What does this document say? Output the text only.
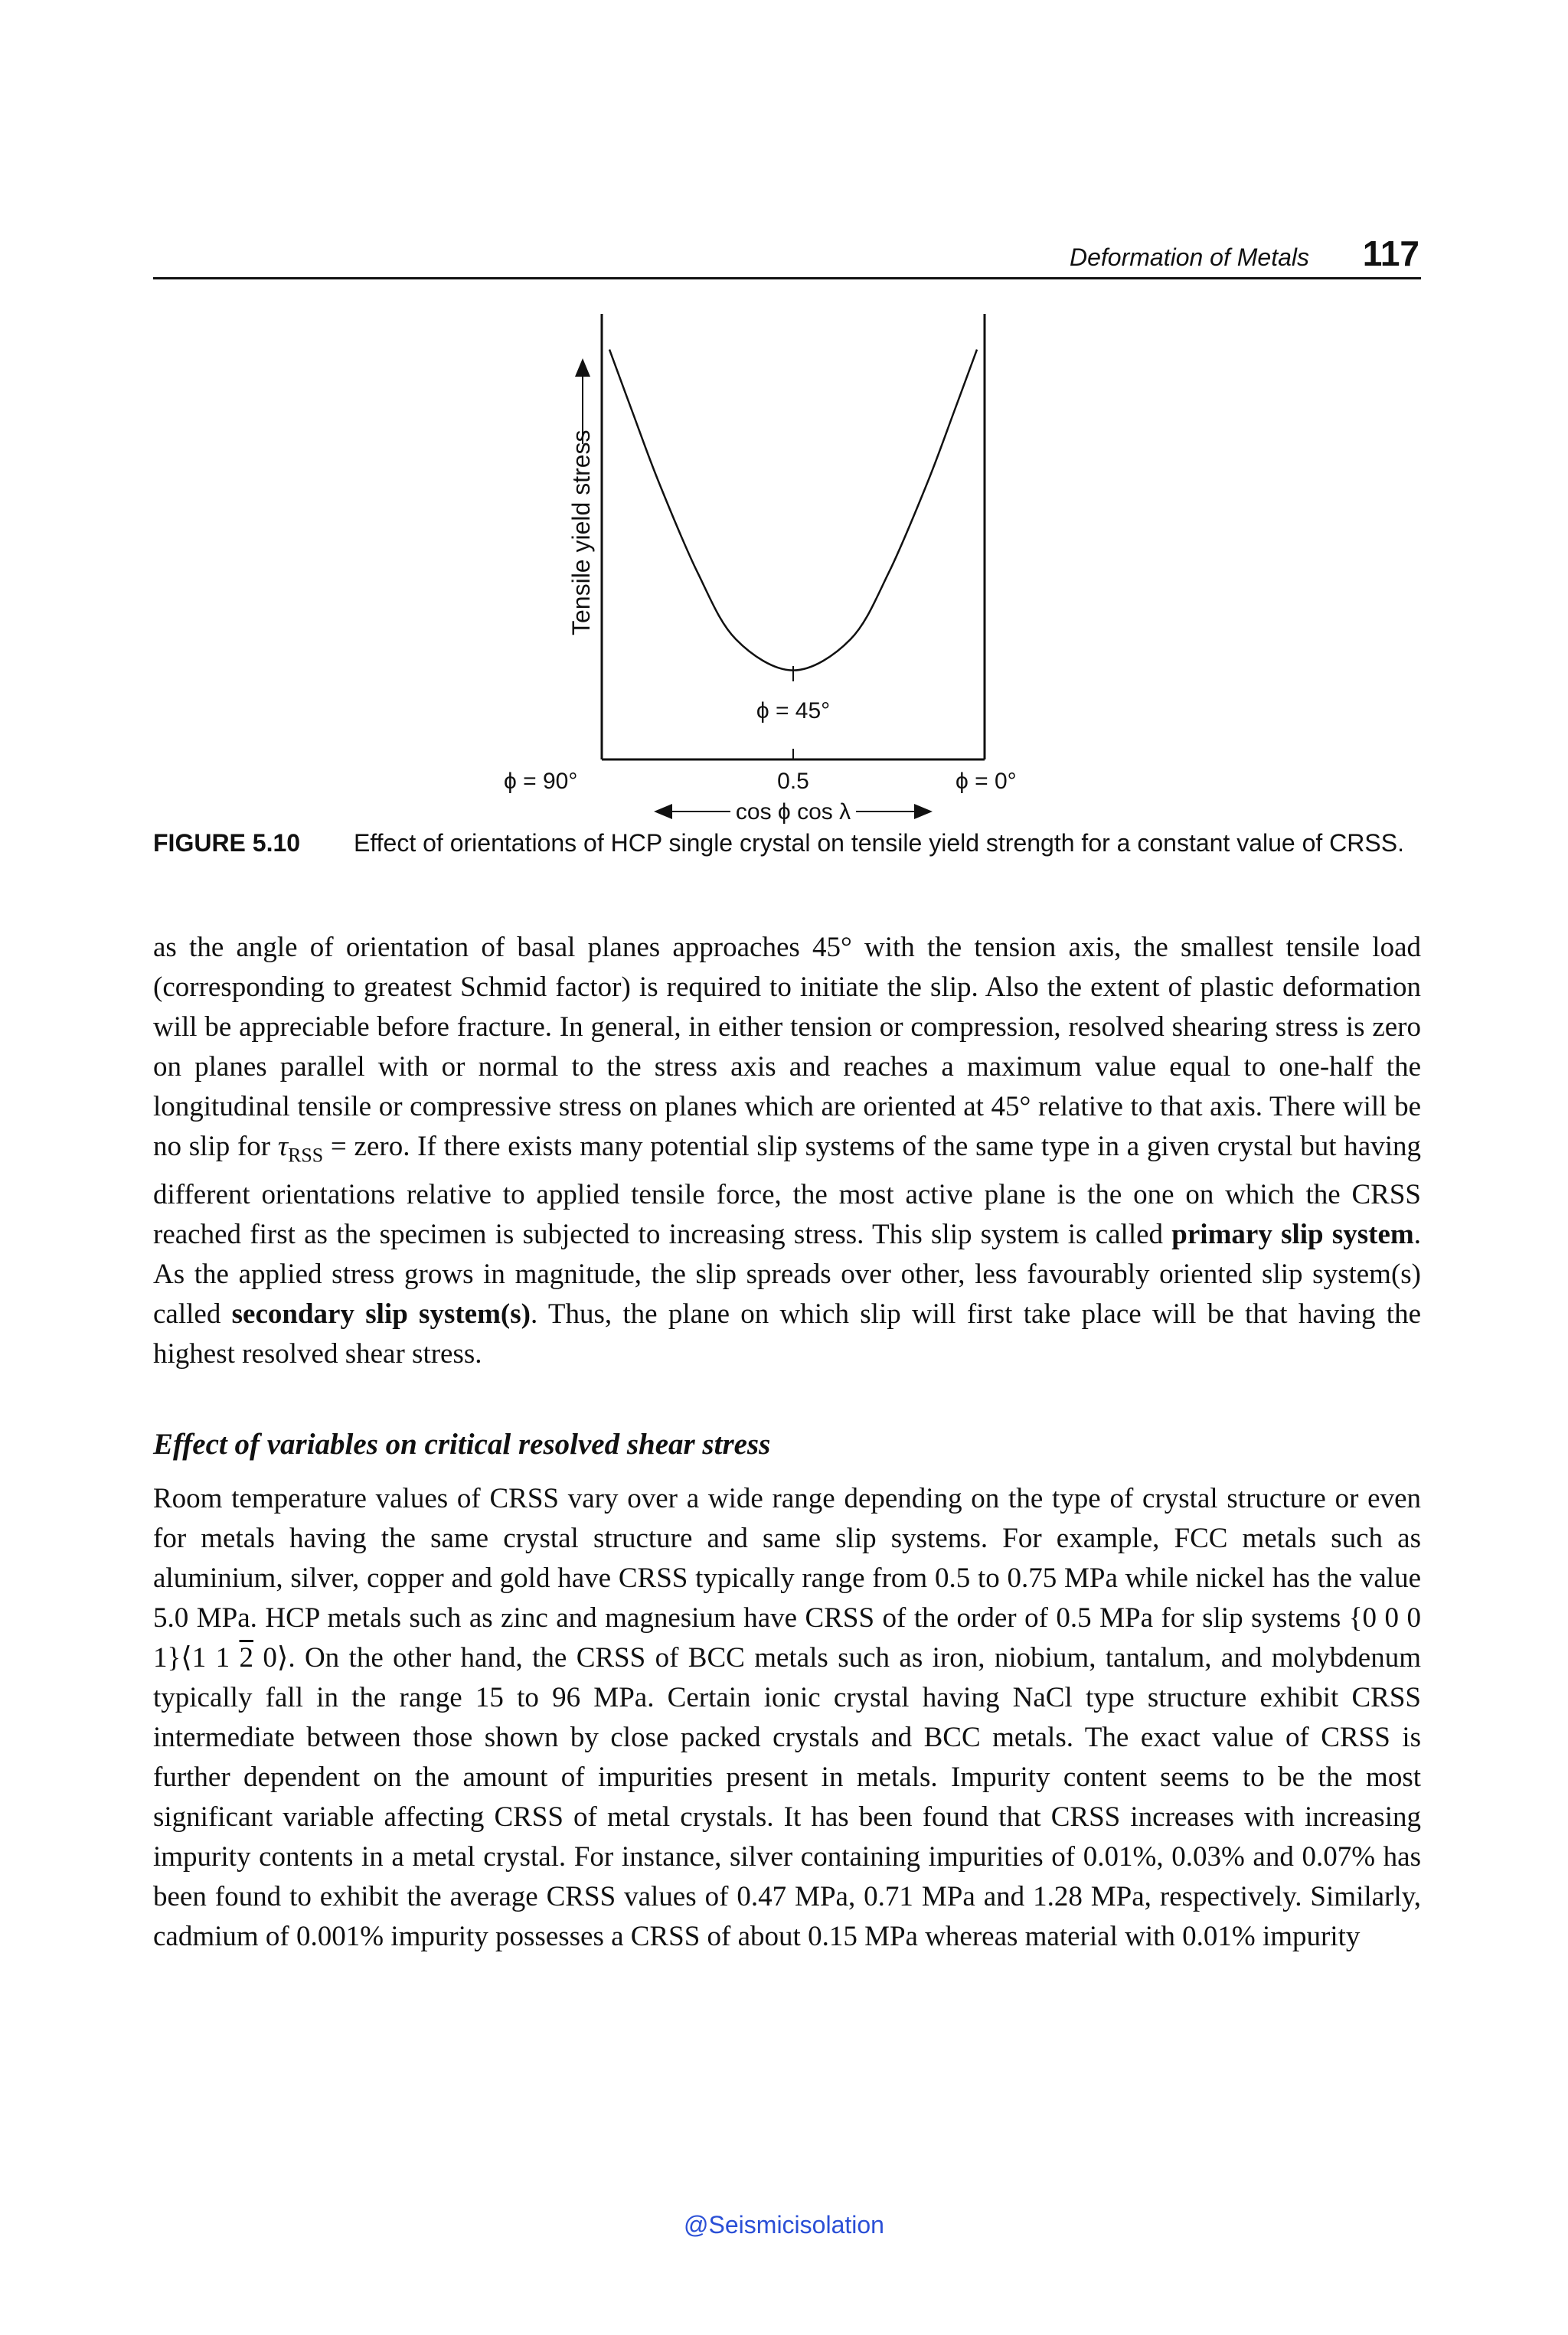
Deformation of Metals 117
Tensile yield stress
ϕ = 45°
ϕ = 90°	0.5	ϕ = 0°
cos ϕ cos λ
FIGURE 5.10 Effect of orientations of HCP single crystal on tensile yield strength for a constant value of CRSS.
as the angle of orientation of basal planes approaches 45° with the tension axis, the smallest tensile load (corresponding to greatest Schmid factor) is required to initiate the slip. Also the extent of plastic deformation will be appreciable before fracture. In general, in either tension or compression, resolved shearing stress is zero on planes parallel with or normal to the stress axis and reaches a maximum value equal to one-half the longitudinal tensile or compressive stress on planes which are oriented at 45° relative to that axis. There will be no slip for $\tau_{RSS}$ = zero. If there exists many potential slip systems of the same type in a given crystal but having different orientations relative to applied tensile force, the most active plane is the one on which the CRSS reached first as the specimen is subjected to increasing stress. This slip system is called primary slip system. As the applied stress grows in magnitude, the slip spreads over other, less favourably oriented slip system(s) called secondary slip system(s). Thus, the plane on which slip will first take place will be that having the highest resolved shear stress.
Effect of variables on critical resolved shear stress
Room temperature values of CRSS vary over a wide range depending on the type of crystal structure or even for metals having the same crystal structure and same slip systems. For example, FCC metals such as aluminium, silver, copper and gold have CRSS typically range from 0.5 to 0.75 MPa while nickel has the value 5.0 MPa. HCP metals such as zinc and magnesium have CRSS of the order of 0.5 MPa for slip systems {0 0 0 1}⟨1 1 2 0⟩. On the other hand, the CRSS of BCC metals such as iron, niobium, tantalum, and molybdenum typically fall in the range 15 to 96 MPa. Certain ionic crystal having NaCl type structure exhibit CRSS intermediate between those shown by close packed crystals and BCC metals. The exact value of CRSS is further dependent on the amount of impurities present in metals. Impurity content seems to be the most significant variable affecting CRSS of metal crystals. It has been found that CRSS increases with increasing impurity contents in a metal crystal. For instance, silver containing impurities of 0.01%, 0.03% and 0.07% has been found to exhibit the average CRSS values of 0.47 MPa, 0.71 MPa and 1.28 MPa, respectively. Similarly, cadmium of 0.001% impurity possesses a CRSS of about 0.15 MPa whereas material with 0.01% impurity
@Seismicisolation
